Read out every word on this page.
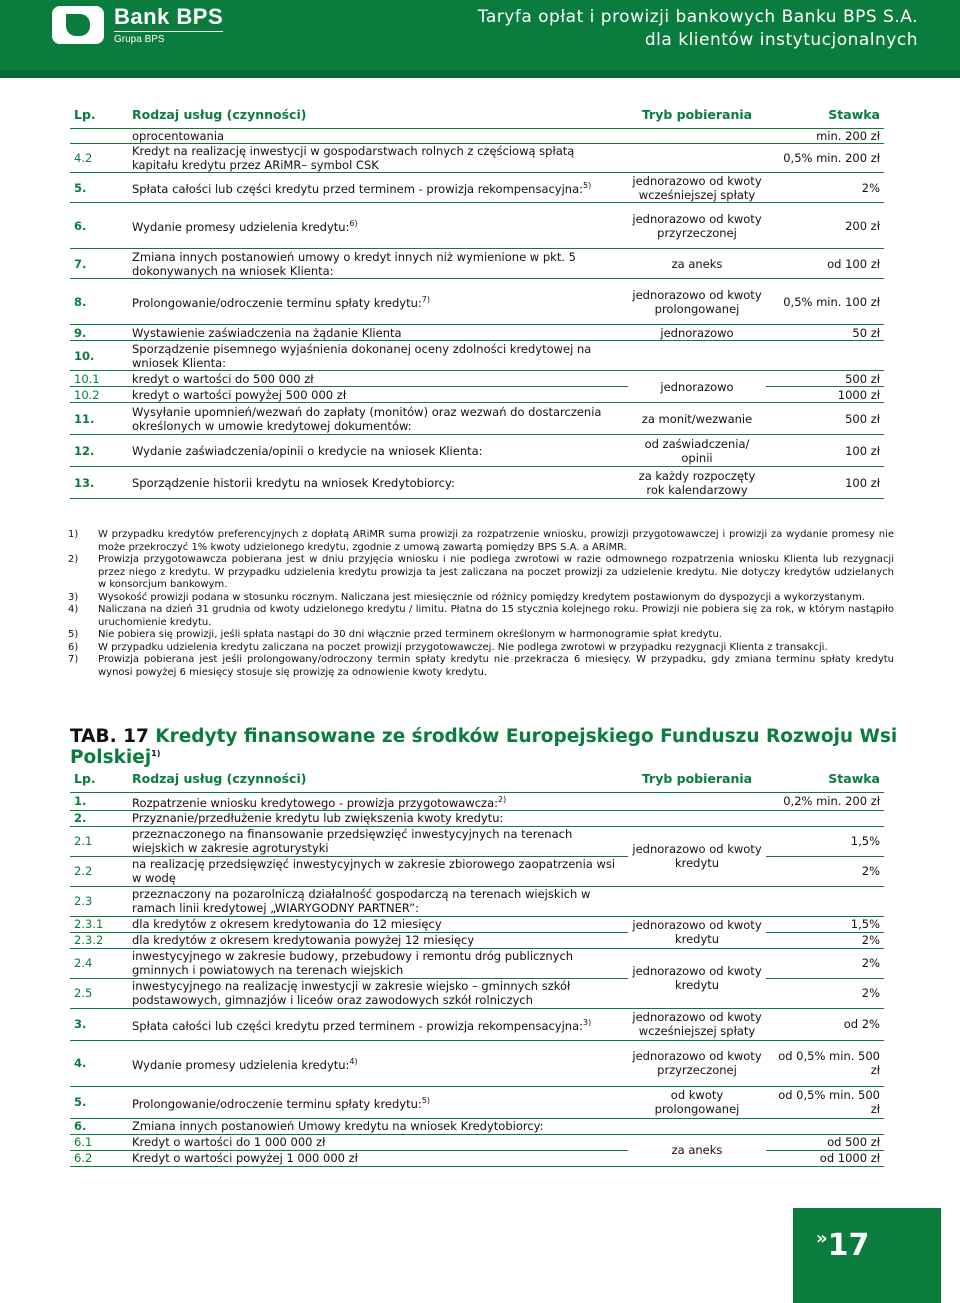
Bank BPS
Grupa BPS
Taryfa opłat i prowizji bankowych Banku BPS S.A.
dla klientów instytucjonalnych
Lp.	Rodzaj usług (czynności)	Tryb pobierania	Stawka
	oprocentowania		min. 200 zł
4.2	Kredyt na realizację inwestycji w gospodarstwach rolnych z częściową spłatą kapitału kredytu przez ARiMR– symbol CSK		0,5% min. 200 zł
5.	Spłata całości lub części kredytu przed terminem - prowizja rekompensacyjna:$^{5)}$	jednorazowo od kwoty wcześniejszej spłaty	2%
6.	Wydanie promesy udzielenia kredytu:$^{6)}$	jednorazowo od kwoty przyrzeczonej	200 zł
7.	Zmiana innych postanowień umowy o kredyt innych niż wymienione w pkt. 5 dokonywanych na wniosek Klienta:	za aneks	od 100 zł
8.	Prolongowanie/odroczenie terminu spłaty kredytu:$^{7)}$	jednorazowo od kwoty prolongowanej	0,5% min. 100 zł
9.	Wystawienie zaświadczenia na żądanie Klienta	jednorazowo	50 zł
10.	Sporządzenie pisemnego wyjaśnienia dokonanej oceny zdolności kredytowej na wniosek Klienta:		
10.1	kredyt o wartości do 500 000 zł	jednorazowo	500 zł
10.2	kredyt o wartości powyżej 500 000 zł		1000 zł
11.	Wysyłanie upomnień/wezwań do zapłaty (monitów) oraz wezwań do dostarczenia określonych w umowie kredytowej dokumentów:	za monit/wezwanie	500 zł
12.	Wydanie zaświadczenia/opinii o kredycie na wniosek Klienta:	od zaświadczenia/ opinii	100 zł
13.	Sporządzenie historii kredytu na wniosek Kredytobiorcy:	za każdy rozpoczęty rok kalendarzowy	100 zł
1)	W przypadku kredytów preferencyjnych z dopłatą ARiMR suma prowizji za rozpatrzenie wniosku, prowizji przygotowawczej i prowizji za wydanie promesy nie może przekroczyć 1% kwoty udzielonego kredytu, zgodnie z umową zawartą pomiędzy BPS S.A. a ARiMR.
2)	Prowizja przygotowawcza pobierana jest w dniu przyjęcia wniosku i nie podlega zwrotowi w razie odmownego rozpatrzenia wniosku Klienta lub rezygnacji przez niego z kredytu. W przypadku udzielenia kredytu prowizja ta jest zaliczana na poczet prowizji za udzielenie kredytu. Nie dotyczy kredytów udzielanych w konsorcjum bankowym.
3)	Wysokość prowizji podana w stosunku rocznym. Naliczana jest miesięcznie od różnicy pomiędzy kredytem postawionym do dyspozycji a wykorzystanym.
4)	Naliczana na dzień 31 grudnia od kwoty udzielonego kredytu / limitu. Płatna do 15 stycznia kolejnego roku. Prowizji nie pobiera się za rok, w którym nastąpiło uruchomienie kredytu.
5)	Nie pobiera się prowizji, jeśli spłata nastąpi do 30 dni włącznie przed terminem określonym w harmonogramie spłat kredytu.
6)	W przypadku udzielenia kredytu zaliczana na poczet prowizji przygotowawczej. Nie podlega zwrotowi w przypadku rezygnacji Klienta z transakcji.
7)	Prowizja pobierana jest jeśli prolongowany/odroczony termin spłaty kredytu nie przekracza 6 miesięcy. W przypadku, gdy zmiana terminu spłaty kredytu wynosi powyżej 6 miesięcy stosuje się prowizję za odnowienie kwoty kredytu.
TAB. 17 Kredyty finansowane ze środków Europejskiego Funduszu Rozwoju Wsi Polskiej$^{1)}$
Lp.	Rodzaj usług (czynności)	Tryb pobierania	Stawka
1.	Rozpatrzenie wniosku kredytowego - prowizja przygotowawcza:$^{2)}$		0,2% min. 200 zł
2.	Przyznanie/przedłużenie kredytu lub zwiększenia kwoty kredytu:		
2.1	przeznaczonego na finansowanie przedsięwzięć inwestycyjnych na terenach wiejskich w zakresie agroturystyki	jednorazowo od kwoty kredytu	1,5%
2.2	na realizację przedsięwzięć inwestycyjnych w zakresie zbiorowego zaopatrzenia wsi w wodę		2%
2.3	przeznaczony na pozarolniczą działalność gospodarczą na terenach wiejskich w ramach linii kredytowej „WIARYGODNY PARTNER”:		
2.3.1	dla kredytów z okresem kredytowania do 12 miesięcy	jednorazowo od kwoty kredytu	1,5%
2.3.2	dla kredytów z okresem kredytowania powyżej 12 miesięcy		2%
2.4	inwestycyjnego w zakresie budowy, przebudowy i remontu dróg publicznych gminnych i powiatowych na terenach wiejskich	jednorazowo od kwoty kredytu	2%
2.5	inwestycyjnego na realizację inwestycji w zakresie wiejsko – gminnych szkół podstawowych, gimnazjów i liceów oraz zawodowych szkół rolniczych		2%
3.	Spłata całości lub części kredytu przed terminem - prowizja rekompensacyjna:$^{3)}$	jednorazowo od kwoty wcześniejszej spłaty	od 2%
4.	Wydanie promesy udzielenia kredytu:$^{4)}$	jednorazowo od kwoty przyrzeczonej	od 0,5% min. 500 zł
5.	Prolongowanie/odroczenie terminu spłaty kredytu:$^{5)}$	od kwoty prolongowanej	od 0,5% min. 500 zł
6.	Zmiana innych postanowień Umowy kredytu na wniosek Kredytobiorcy:		
6.1	Kredyt o wartości do 1 000 000 zł	za aneks	od 500 zł
6.2	Kredyt o wartości powyżej 1 000 000 zł		od 1000 zł
»17
